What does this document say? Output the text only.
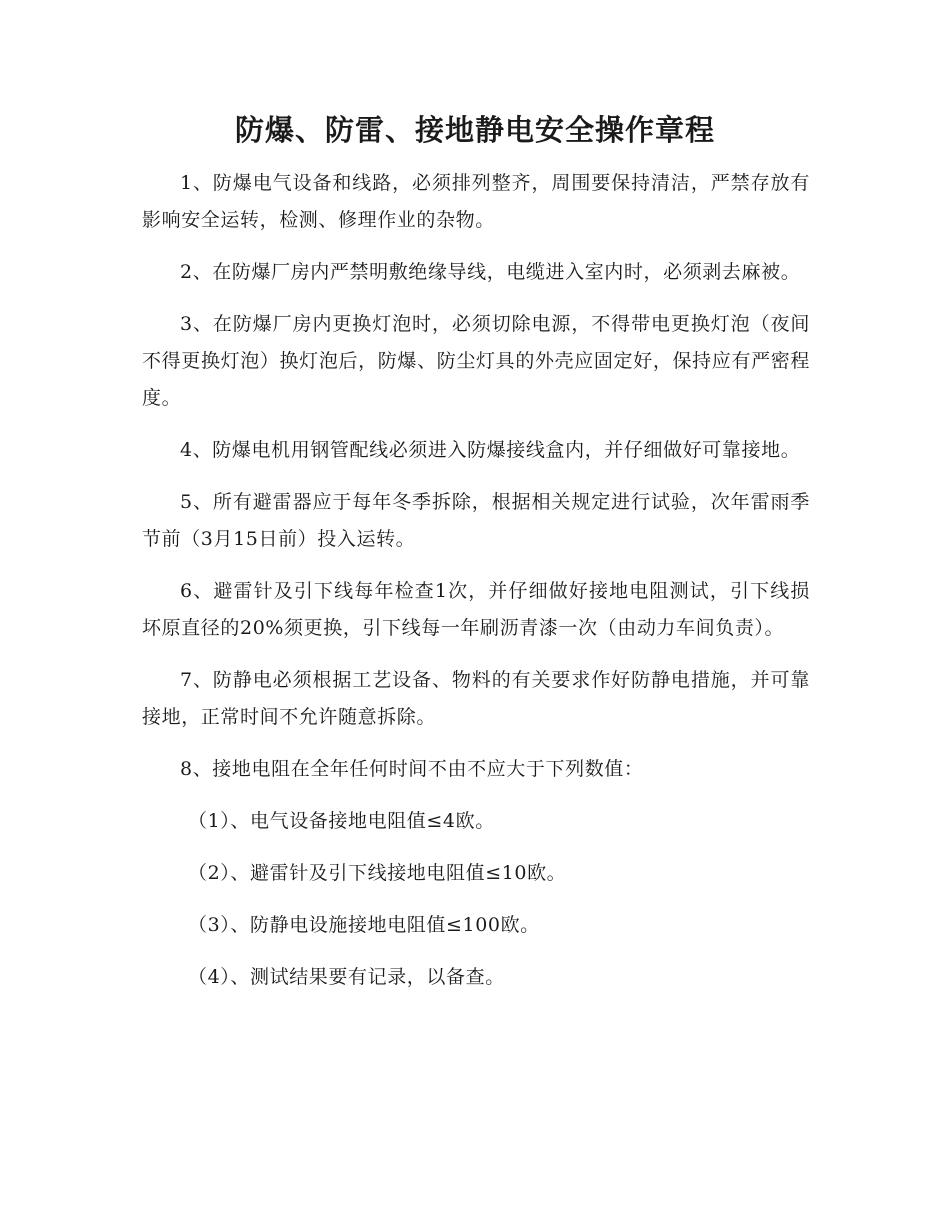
防爆、防雷、接地静电安全操作章程

1、防爆电气设备和线路，必须排列整齐，周围要保持清洁，严禁存放有影响安全运转，检测、修理作业的杂物。

2、在防爆厂房内严禁明敷绝缘导线，电缆进入室内时，必须剥去麻被。

3、在防爆厂房内更换灯泡时，必须切除电源，不得带电更换灯泡（夜间不得更换灯泡）换灯泡后，防爆、防尘灯具的外壳应固定好，保持应有严密程度。

4、防爆电机用钢管配线必须进入防爆接线盒内，并仔细做好可靠接地。

5、所有避雷器应于每年冬季拆除，根据相关规定进行试验，次年雷雨季节前（3月15日前）投入运转。

6、避雷针及引下线每年检查1次，并仔细做好接地电阻测试，引下线损坏原直径的20%须更换，引下线每一年刷沥青漆一次（由动力车间负责）。

7、防静电必须根据工艺设备、物料的有关要求作好防静电措施，并可靠接地，正常时间不允许随意拆除。

8、接地电阻在全年任何时间不由不应大于下列数值：

（1）、电气设备接地电阻值≤4欧。

（2）、避雷针及引下线接地电阻值≤10欧。

（3）、防静电设施接地电阻值≤100欧。

（4）、测试结果要有记录，以备查。
